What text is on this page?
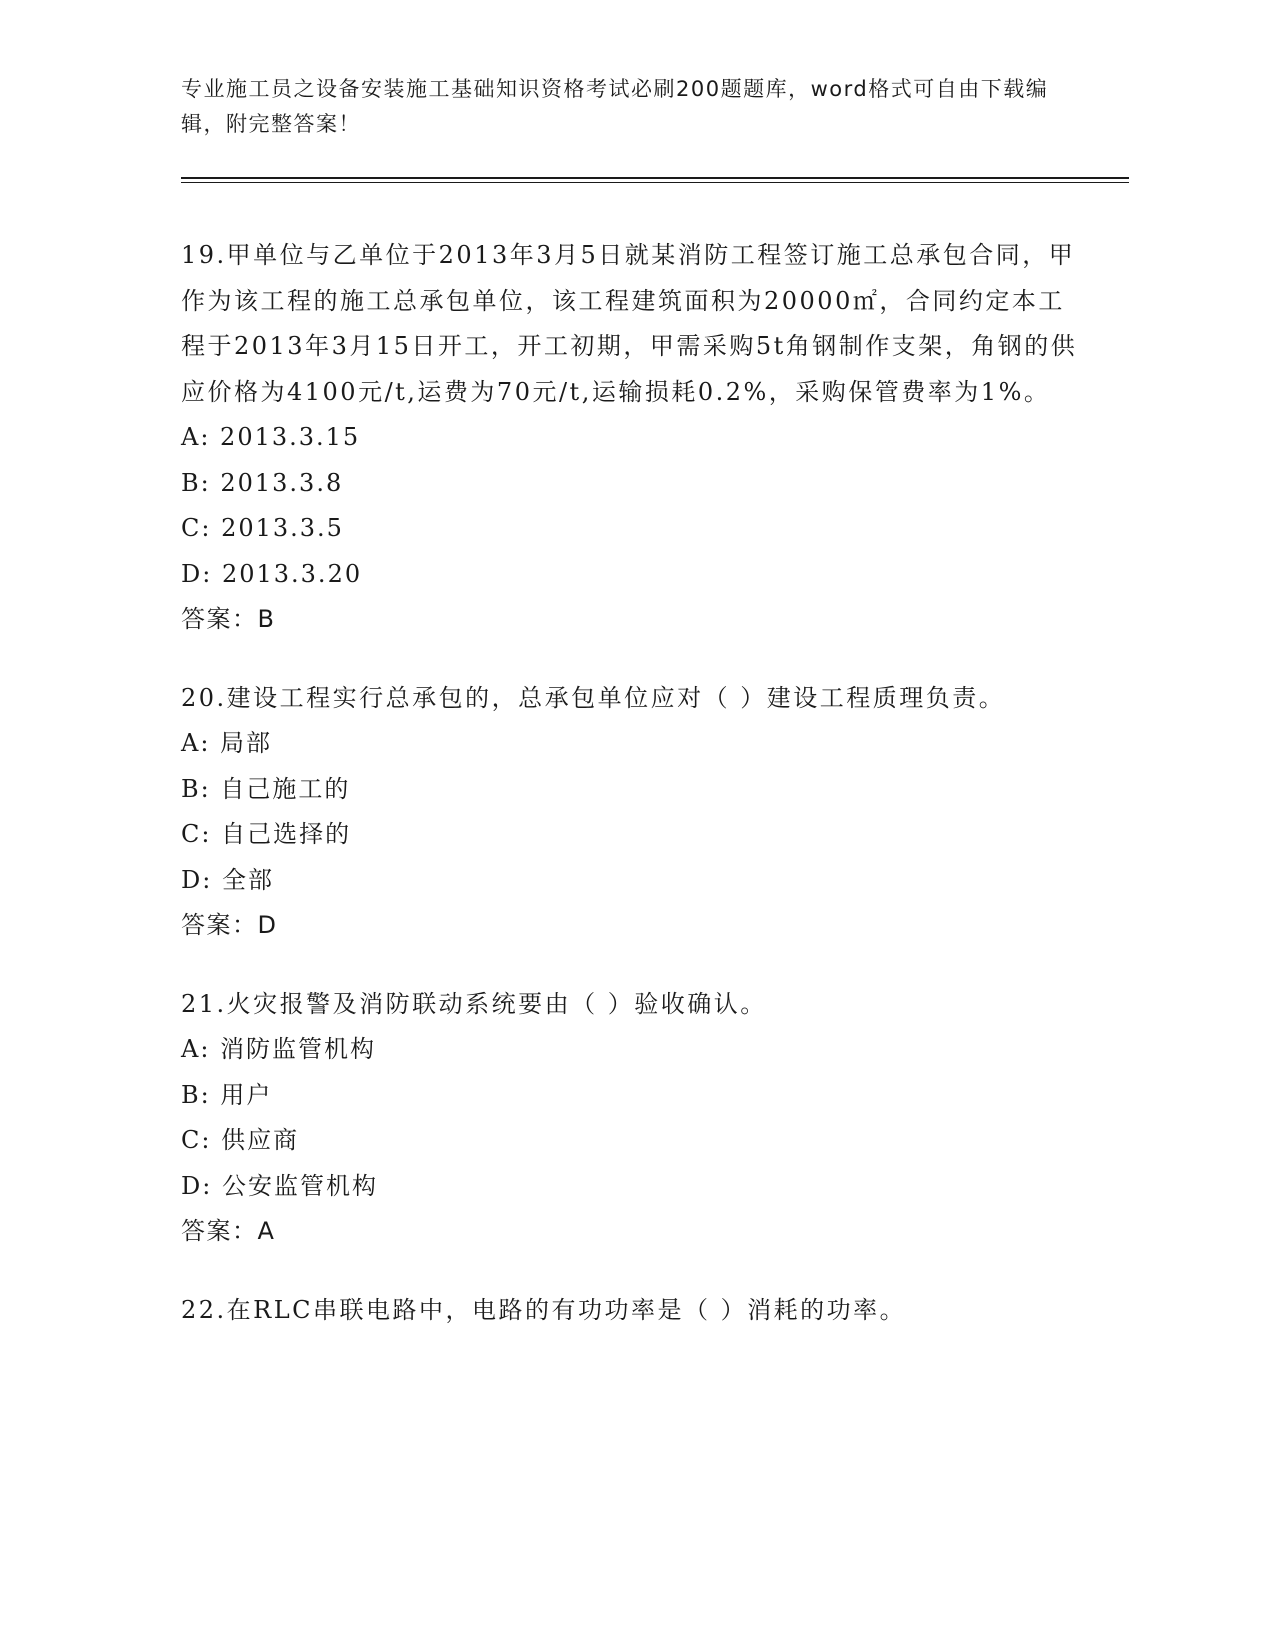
专业施工员之设备安装施工基础知识资格考试必刷200题题库，word格式可自由下载编辑，附完整答案！

19.甲单位与乙单位于2013年3月5日就某消防工程签订施工总承包合同，甲作为该工程的施工总承包单位，该工程建筑面积为20000㎡，合同约定本工程于2013年3月15日开工，开工初期，甲需采购5t角钢制作支架，角钢的供应价格为4100元/t,运费为70元/t,运输损耗0.2%，采购保管费率为1%。

A: 2013.3.15

B: 2013.3.8

C: 2013.3.5

D: 2013.3.20

答案：B

20.建设工程实行总承包的，总承包单位应对（ ）建设工程质理负责。

A: 局部

B: 自己施工的

C: 自己选择的

D: 全部

答案：D

21.火灾报警及消防联动系统要由（ ）验收确认。

A: 消防监管机构

B: 用户

C: 供应商

D: 公安监管机构

答案：A

22.在RLC串联电路中，电路的有功功率是（ ）消耗的功率。
